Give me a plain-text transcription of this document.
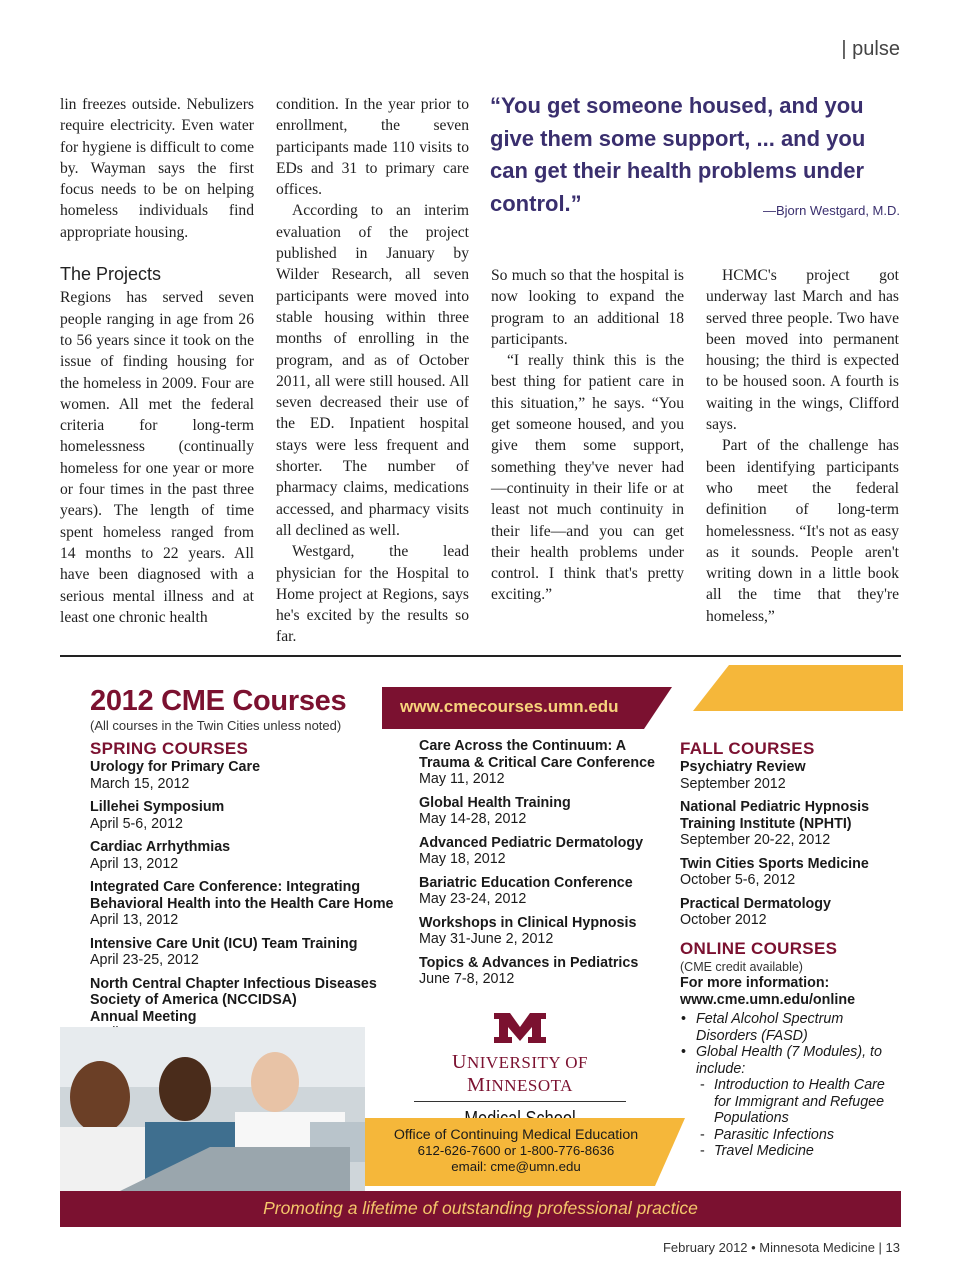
| pulse

lin freezes outside. Nebulizers require electricity. Even water for hygiene is difficult to come by. Wayman says the first focus needs to be on helping homeless individuals find appropriate housing.

The Projects

Regions has served seven people ranging in age from 26 to 56 years since it took on the issue of finding housing for the homeless in 2009. Four are women. All met the federal criteria for long-term homelessness (continually homeless for one year or more or four times in the past three years). The length of time spent homeless ranged from 14 months to 22 years. All have been diagnosed with a serious mental illness and at least one chronic health

condition. In the year prior to enrollment, the seven participants made 110 visits to EDs and 31 to primary care offices.

According to an interim evaluation of the project published in January by Wilder Research, all seven participants were moved into stable housing within three months of enrolling in the program, and as of October 2011, all were still housed. All seven decreased their use of the ED. Inpatient hospital stays were less frequent and shorter. The number of pharmacy claims, medications accessed, and pharmacy visits all declined as well.

Westgard, the lead physician for the Hospital to Home project at Regions, says he's excited by the results so far.

So much so that the hospital is now looking to expand the program to an additional 18 participants.

“I really think this is the best thing for patient care in this situation,” he says. “You get someone housed, and you give them some support, something they've never had—continuity in their life or at least not much continuity in their life—and you can get their health problems under control. I think that's pretty exciting.”

HCMC's project got underway last March and has served three people. Two have been moved into permanent housing; the third is expected to be housed soon. A fourth is waiting in the wings, Clifford says.

Part of the challenge has been identifying participants who meet the federal definition of long-term homelessness. “It's not as easy as it sounds. People aren't writing down in a little book all the time that they're homeless,”

“You get someone housed, and you give them some support, ... and you can get their health problems under control.”	—Bjorn Westgard, M.D.
2012 CME Courses
(All courses in the Twin Cities unless noted)
www.cmecourses.umn.edu
SPRING COURSES
Urology for Primary Care
March 15, 2012
Lillehei Symposium
April 5-6, 2012
Cardiac Arrhythmias
April 13, 2012
Integrated Care Conference: Integrating
Behavioral Health into the Health Care Home
April 13, 2012
Intensive Care Unit (ICU) Team Training
April 23-25, 2012
North Central Chapter Infectious Diseases
Society of America (NCCIDSA)
Annual Meeting
Care Across the Continuum: A
Trauma & Critical Care Conference
May 11, 2012
Global Health Training
May 14-28, 2012
Advanced Pediatric Dermatology
May 18, 2012
Bariatric Education Conference
May 23-24, 2012
Workshops in Clinical Hypnosis
May 31-June 2, 2012
Topics & Advances in Pediatrics
June 7-8, 2012
FALL COURSES
Psychiatry Review
September 2012
National Pediatric Hypnosis
Training Institute (NPHTI)
September 20-22, 2012
Twin Cities Sports Medicine
October 5-6, 2012
Practical Dermatology
October 2012
ONLINE COURSES
(CME credit available)
For more information:
www.cme.umn.edu/online
• Fetal Alcohol Spectrum Disorders (FASD)
• Global Health (7 Modules), to include:
- Introduction to Health Care for Immigrant and Refugee Populations
- Parasitic Infections
- Travel Medicine
UNIVERSITY OF MINNESOTA
Office of Continuing Medical Education
612-626-7600 or 1-800-776-8636
email: cme@umn.edu
Promoting a lifetime of outstanding professional practice
February 2012 • Minnesota Medicine | 13
